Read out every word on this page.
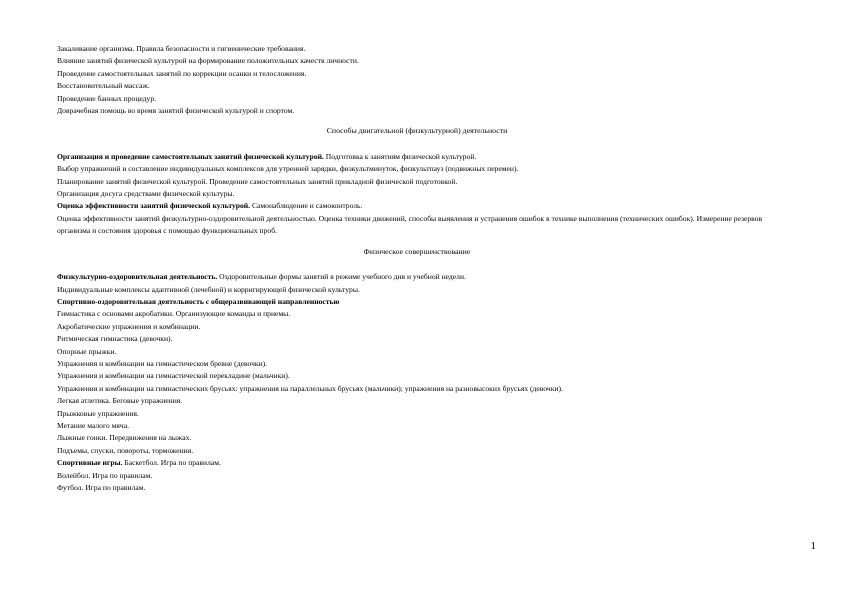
Закаливание организма. Правила безопасности и гигиенические требования.
Влияние занятий физической культурой на формирование положительных качеств личности.
Проведение самостоятельных занятий по коррекции осанки и телосложения.
Восстановительный массаж.
Проведение банных процедур.
Доврачебная помощь во время занятий физической культурой и спортом.
Способы двигательной (физкультурной) деятельности
Организация и проведение самостоятельных занятий физической культурой. Подготовка к занятиям физической культурой.
Выбор упражнений и составление индивидуальных комплексов для утренней зарядки, физкультминуток, физкультпауз (подвижных перемен).
Планирование занятий физической культурой. Проведение самостоятельных занятий прикладной физической подготовкой.
Организация досуга средствами физической культуры.
Оценка эффективности занятий физической культурой. Самонаблюдение и самоконтроль.
Оценка эффективности занятий физкультурно-оздоровительной деятельностью. Оценка техники движений, способы выявления и устранения ошибок в технике выполнения (технических ошибок). Измерение резервов организма и состояния здоровья с помощью функциональных проб.
Физическое совершенствование
Физкультурно-оздоровительная деятельность. Оздоровительные формы занятий в режиме учебного дня и учебной недели.
Индивидуальные комплексы адаптивной (лечебной) и корригирующей физической культуры.
Спортивно-оздоровительная деятельность с общеразвивающей направленностью
Гимнастика с основами акробатики. Организующие команды и приемы.
Акробатические упражнения и комбинации.
Ритмическая гимнастика (девочки).
Опорные прыжки.
Упражнения и комбинации на гимнастическом бревне (девочки).
Упражнения и комбинации на гимнастической перекладине (мальчики).
Упражнения и комбинации на гимнастических брусьях: упражнения на параллельных брусьях (мальчики); упражнения на разновысоких брусьях (девочки).
Легкая атлетика. Беговые упражнения.
Прыжковые упражнения.
Метание малого мяча.
Лыжные гонки. Передвижения на лыжах.
Подъемы, спуски, повороты, торможения.
Спортивные игры. Баскетбол. Игра по правилам.
Волейбол. Игра по правилам.
Футбол. Игра по правилам.
1
